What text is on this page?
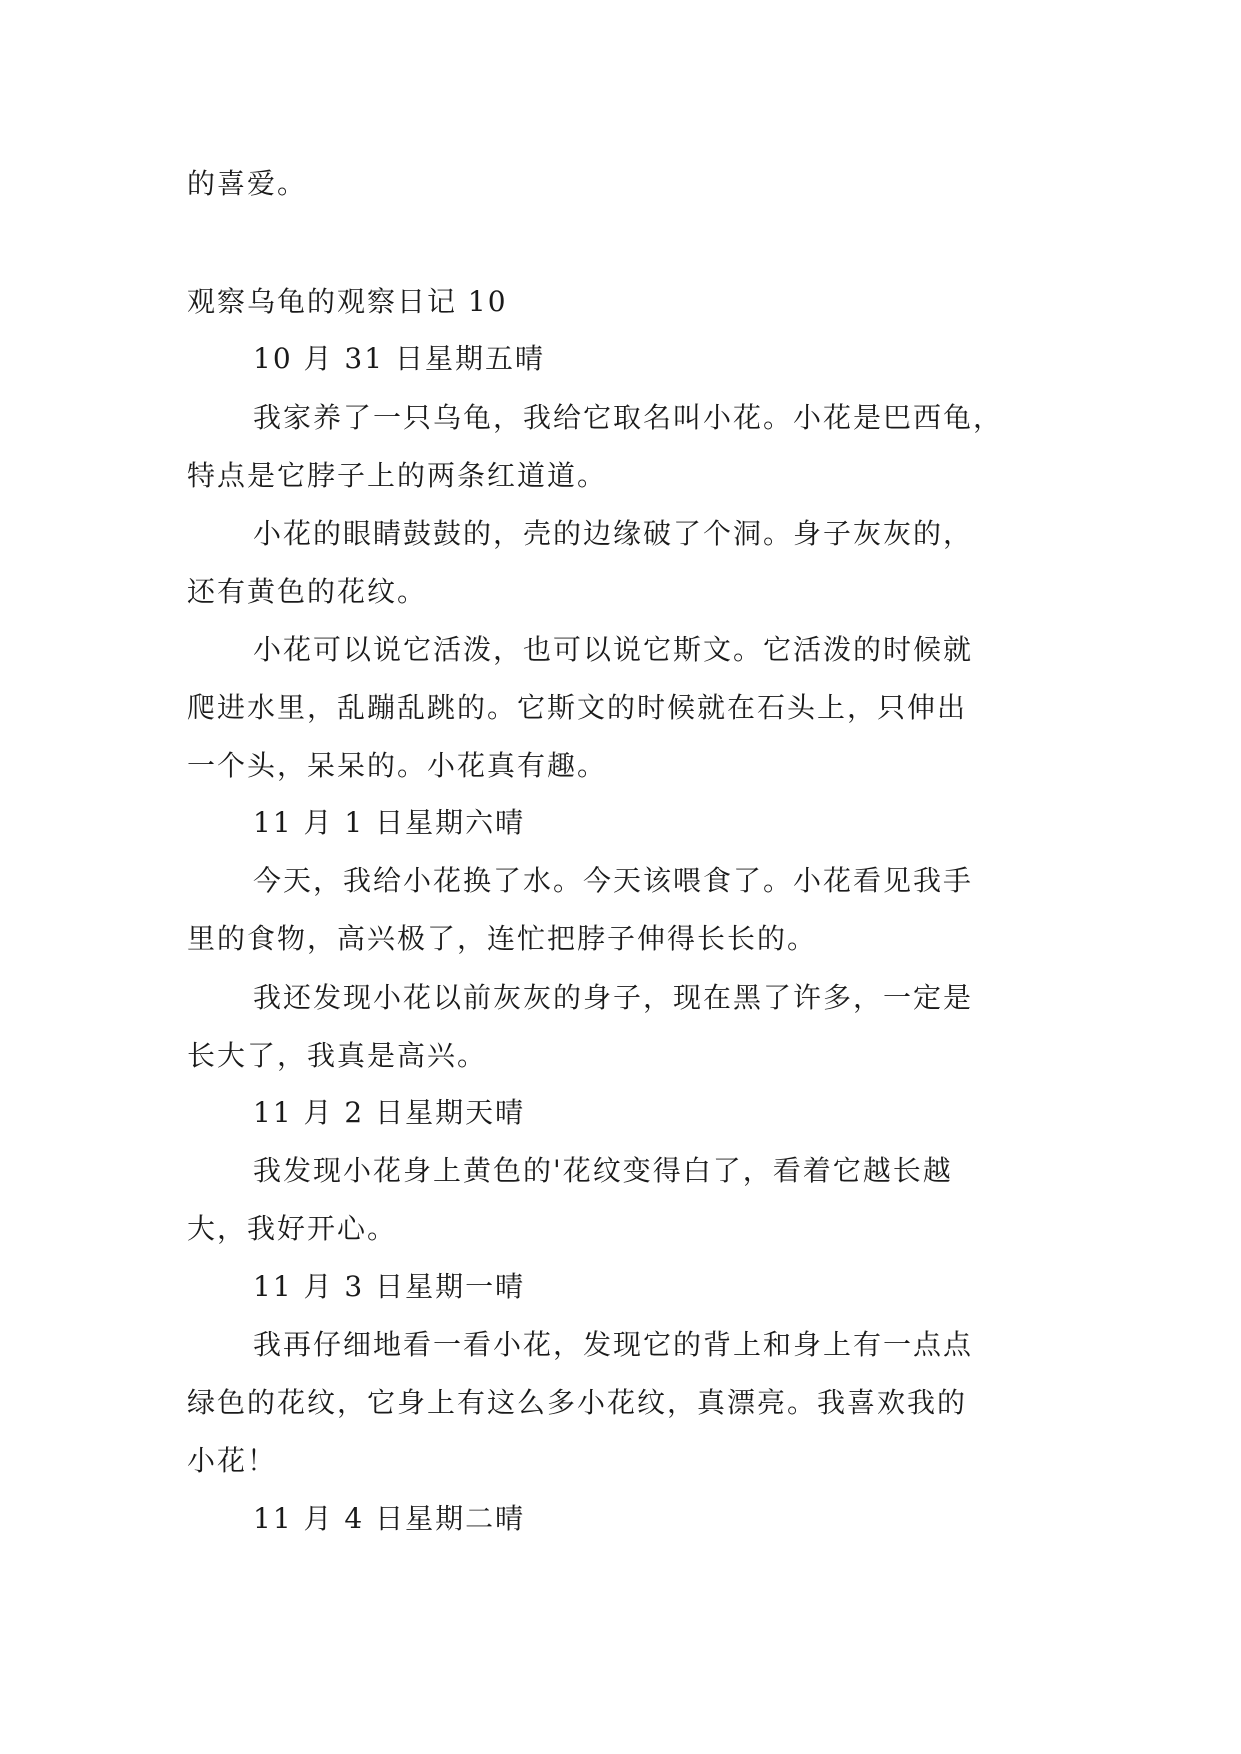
的喜爱。
观察乌龟的观察日记 10
10 月 31 日星期五晴
我家养了一只乌龟，我给它取名叫小花。小花是巴西龟，
特点是它脖子上的两条红道道。
小花的眼睛鼓鼓的，壳的边缘破了个洞。身子灰灰的，
还有黄色的花纹。
小花可以说它活泼，也可以说它斯文。它活泼的时候就
爬进水里，乱蹦乱跳的。它斯文的时候就在石头上，只伸出
一个头，呆呆的。小花真有趣。
11 月 1 日星期六晴
今天，我给小花换了水。今天该喂食了。小花看见我手
里的食物，高兴极了，连忙把脖子伸得长长的。
我还发现小花以前灰灰的身子，现在黑了许多，一定是
长大了，我真是高兴。
11 月 2 日星期天晴
我发现小花身上黄色的'花纹变得白了，看着它越长越
大，我好开心。
11 月 3 日星期一晴
我再仔细地看一看小花，发现它的背上和身上有一点点
绿色的花纹，它身上有这么多小花纹，真漂亮。我喜欢我的
小花！
11 月 4 日星期二晴
